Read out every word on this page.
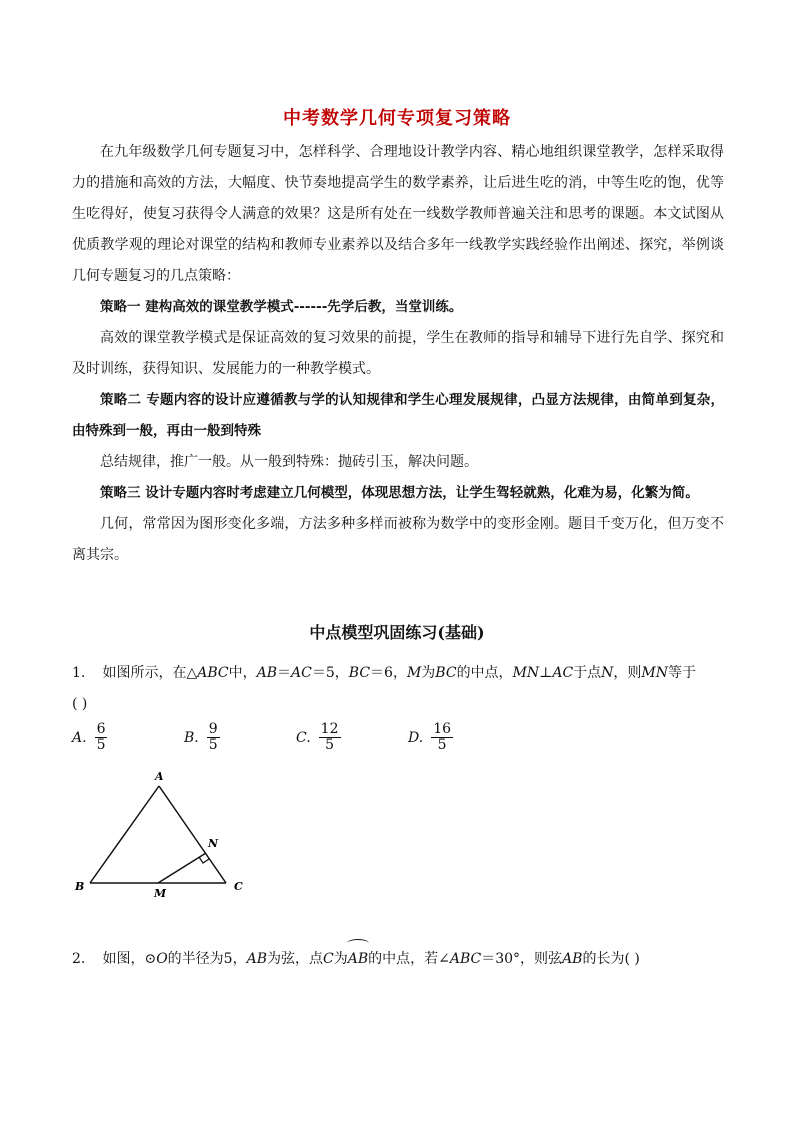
中考数学几何专项复习策略
在九年级数学几何专题复习中，怎样科学、合理地设计教学内容、精心地组织课堂教学，怎样采取得力的措施和高效的方法，大幅度、快节奏地提高学生的数学素养，让后进生吃的消，中等生吃的饱，优等生吃得好，使复习获得令人满意的效果？这是所有处在一线数学教师普遍关注和思考的课题。本文试图从优质教学观的理论对课堂的结构和教师专业素养以及结合多年一线教学实践经验作出阐述、探究，举例谈几何专题复习的几点策略：
策略一 建构高效的课堂教学模式------先学后教，当堂训练。
高效的课堂教学模式是保证高效的复习效果的前提，学生在教师的指导和辅导下进行先自学、探究和及时训练，获得知识、发展能力的一种教学模式。
策略二 专题内容的设计应遵循教与学的认知规律和学生心理发展规律，凸显方法规律，由简单到复杂，由特殊到一般，再由一般到特殊
总结规律，推广一般。从一般到特殊：抛砖引玉，解决问题。
策略三 设计专题内容时考虑建立几何模型，体现思想方法，让学生驾轻就熟，化难为易，化繁为简。
几何，常常因为图形变化多端，方法多种多样而被称为数学中的变形金刚。题目千变万化，但万变不离其宗。
中点模型巩固练习(基础)
1. 如图所示，在△ABC中，AB＝AC＝5，BC＝6，M为BC的中点，MN⊥AC于点N，则MN等于
( )
A. $\frac{6}{5}$	B. $\frac{9}{5}$	C. $\frac{12}{5}$	D. $\frac{16}{5}$
A
B	C
M
N
2. 如图，⊙O的半径为5，AB为弦，点C为AB的中点，若∠ABC＝30°，则弦AB的长为( )
